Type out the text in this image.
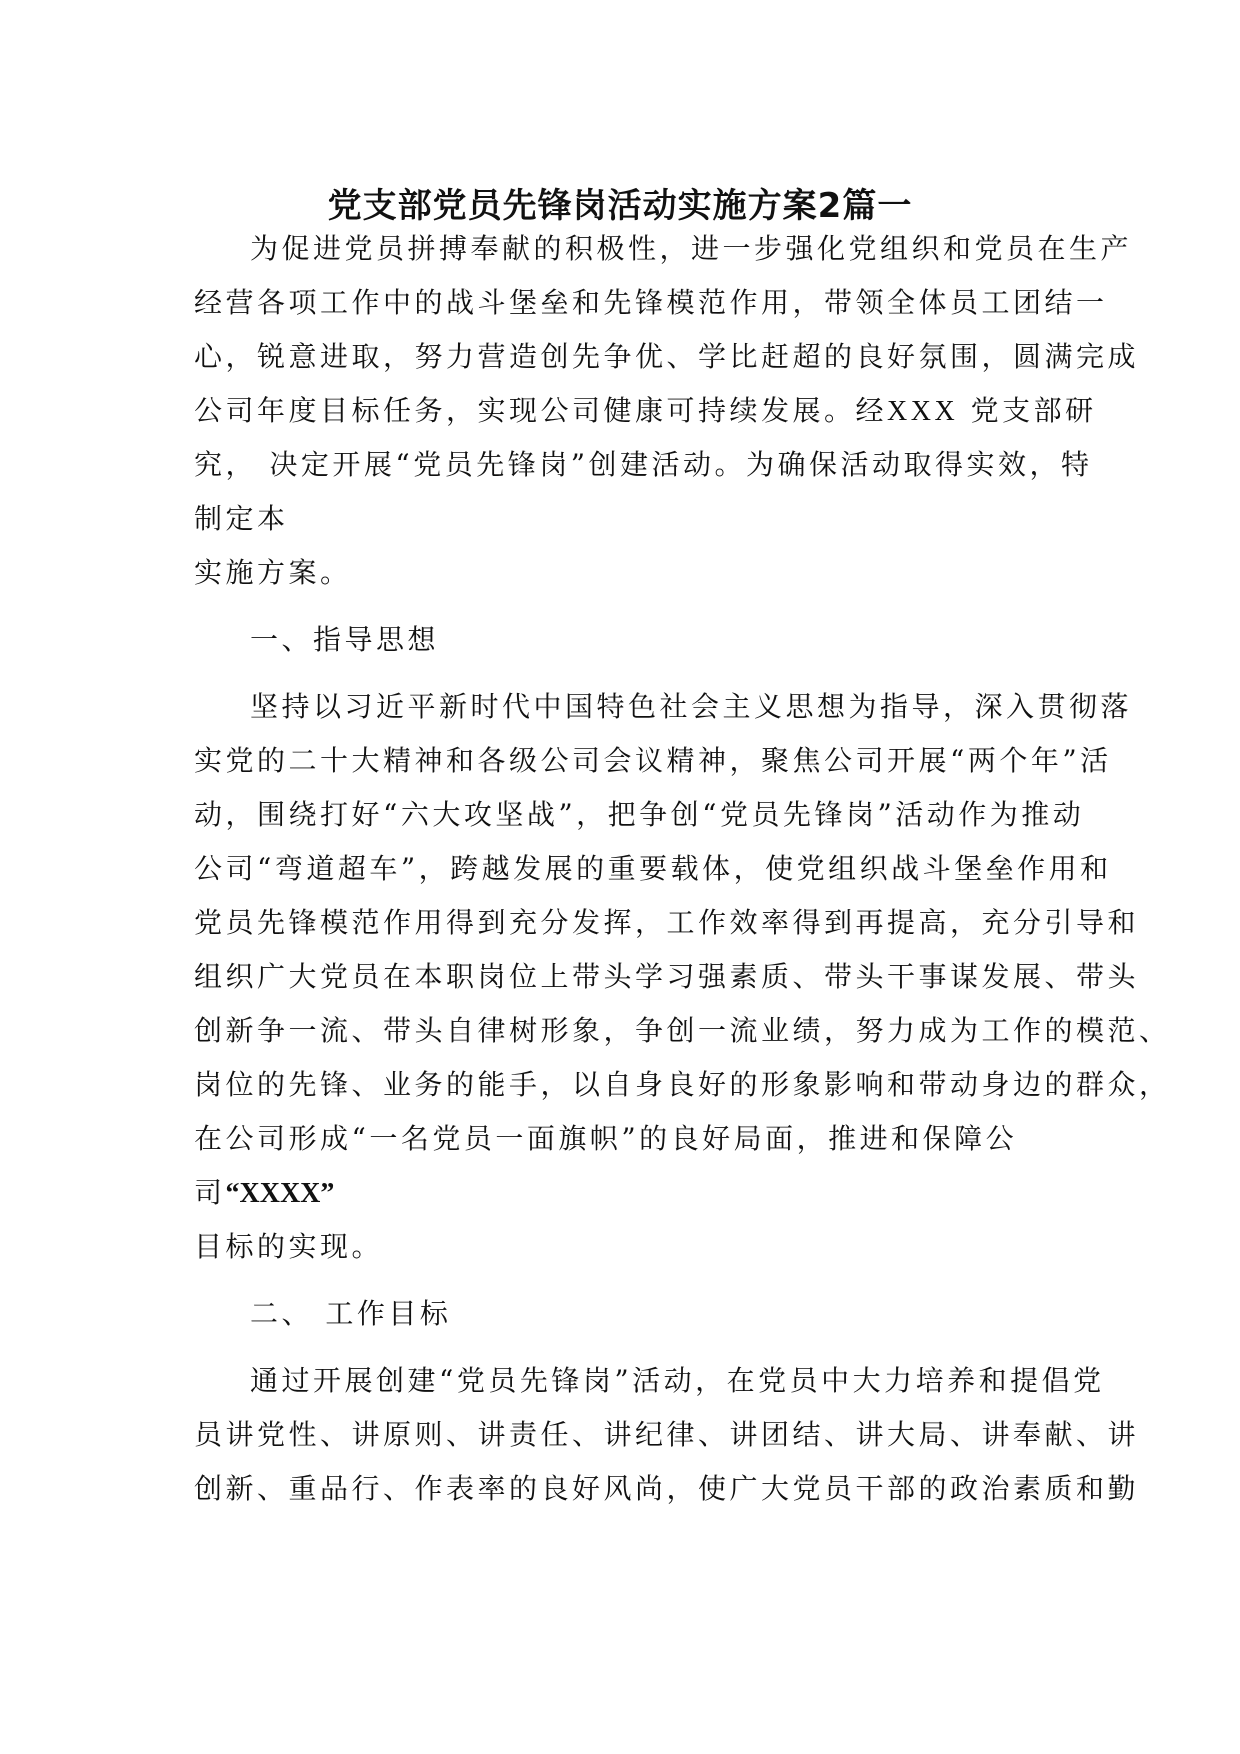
党支部党员先锋岗活动实施方案2篇一
为促进党员拼搏奉献的积极性，进一步强化党组织和党员在生产
经营各项工作中的战斗堡垒和先锋模范作用，带领全体员工团结一
心，锐意进取，努力营造创先争优、学比赶超的良好氛围，圆满完成
公司年度目标任务，实现公司健康可持续发展。经XXX 党支部研
究， 决定开展“党员先锋岗”创建活动。为确保活动取得实效，特
制定本
实施方案。
一、指导思想
坚持以习近平新时代中国特色社会主义思想为指导，深入贯彻落
实党的二十大精神和各级公司会议精神，聚焦公司开展“两个年”活
动，围绕打好“六大攻坚战”，把争创“党员先锋岗”活动作为推动
公司“弯道超车”，跨越发展的重要载体，使党组织战斗堡垒作用和
党员先锋模范作用得到充分发挥，工作效率得到再提高，充分引导和
组织广大党员在本职岗位上带头学习强素质、带头干事谋发展、带头
创新争一流、带头自律树形象，争创一流业绩，努力成为工作的模范、
岗位的先锋、业务的能手，以自身良好的形象影响和带动身边的群众，
在公司形成“一名党员一面旗帜”的良好局面，推进和保障公
司“XXXX”
目标的实现。
二、 工作目标
通过开展创建“党员先锋岗”活动，在党员中大力培养和提倡党
员讲党性、讲原则、讲责任、讲纪律、讲团结、讲大局、讲奉献、讲
创新、重品行、作表率的良好风尚，使广大党员干部的政治素质和勤
